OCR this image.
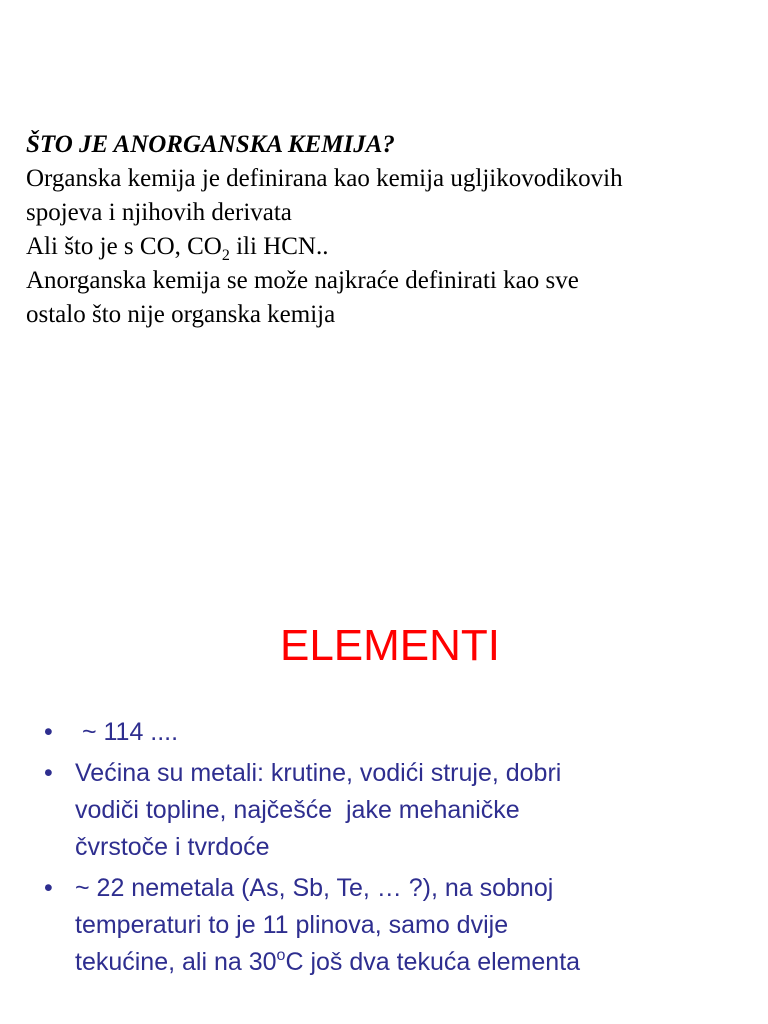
ŠTO JE ANORGANSKA KEMIJA?
Organska kemija je definirana kao kemija ugljikovodikovih
spojeva i njihovih derivata
Ali što je s CO, $CO_2$ ili HCN..
Anorganska kemija se može najkraće definirati kao sve
ostalo što nije organska kemija
ELEMENTI
• ~ 114 ....
• Većina su metali: krutine, vodići struje, dobri
vodiči topline, najčešće  jake mehaničke
čvrstoče i tvrdoće
• ~ 22 nemetala (As, Sb, Te, … ?), na sobnoj
temperaturi to je 11 plinova, samo dvije
tekućine, ali na 30$^o$C još dva tekuća elementa
